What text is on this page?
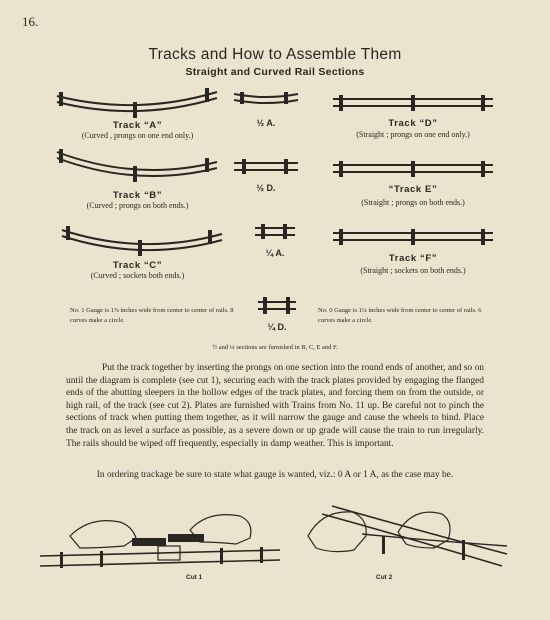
16.
Tracks and How to Assemble Them
Straight and Curved Rail Sections
Track “A”
(Curved , prongs on one end only.)
Track “B”
(Curved ; prongs on both ends.)
Track “C”
(Curved ; sockets both ends.)
½ A.
½ D.
¼ A.
¼ D.
Track “D”
(Straight ; prongs on one end only.)
“Track E”
(Straight ; prongs on both ends.)
Track “F”
(Straight ; sockets on both ends.)
No. 1 Gauge is 1⅞ inches wide from center to center of rails. 8 curves make a circle.
No. 0 Gauge is 1¼ inches wide from center to center of rails. 6 curves make a circle.
½ and ¼ sections are furnished in B, C, E and F.

Put the track together by inserting the prongs on one section into the round ends of another, and so on until the diagram is complete (see cut 1), securing each with the track plates provided by engaging the flanged ends of the abutting sleepers in the hollow edges of the track plates, and forcing them on from the outside, or high rail, of the track (see cut 2). Plates are furnished with Trains from No. 11 up. Be careful not to pinch the sections of track when putting them together, as it will narrow the gauge and cause the wheels to bind. Place the track on as level a surface as possible, as a severe down or up grade will cause the train to run irregularly. The rails should be wiped off frequently, especially in damp weather. This is important.

In ordering trackage be sure to state what gauge is wanted, viz.: 0 A or 1 A, as the case may be.
Cut 1	Cut 2
